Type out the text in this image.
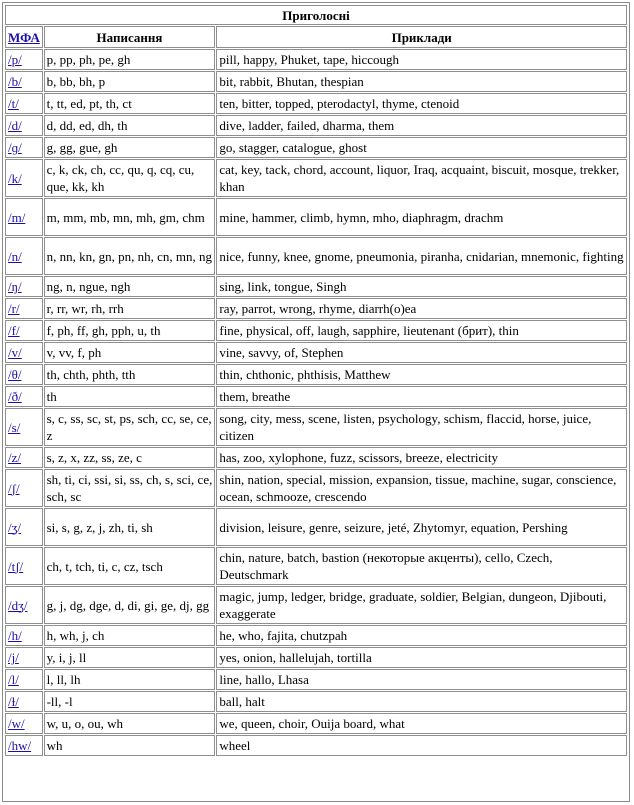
Приголосні		
МФА	Написання	Приклади
/p/	p, pp, ph, pe, gh	pill, happy, Phuket, tape, hiccough
/b/	b, bb, bh, p	bit, rabbit, Bhutan, thespian
/t/	t, tt, ed, pt, th, ct	ten, bitter, topped, pterodactyl, thyme, ctenoid
/d/	d, dd, ed, dh, th	dive, ladder, failed, dharma, them
/ɡ/	g, gg, gue, gh	go, stagger, catalogue, ghost
/k/	c, k, ck, ch, cc, qu, q, cq, cu, que, kk, kh	cat, key, tack, chord, account, liquor, Iraq, acquaint, biscuit, mosque, trekker, khan
/m/	m, mm, mb, mn, mh, gm, chm	mine, hammer, climb, hymn, mho, diaphragm, drachm
/n/	n, nn, kn, gn, pn, nh, cn, mn, ng	nice, funny, knee, gnome, pneumonia, piranha, cnidarian, mnemonic, fighting
/ŋ/	ng, n, ngue, ngh	sing, link, tongue, Singh
/r/	r, rr, wr, rh, rrh	ray, parrot, wrong, rhyme, diarrh(o)ea
/f/	f, ph, ff, gh, pph, u, th	fine, physical, off, laugh, sapphire, lieutenant (брит), thin
/v/	v, vv, f, ph	vine, savvy, of, Stephen
/θ/	th, chth, phth, tth	thin, chthonic, phthisis, Matthew
/ð/	th	them, breathe
/s/	s, c, ss, sc, st, ps, sch, cc, se, ce, z	song, city, mess, scene, listen, psychology, schism, flaccid, horse, juice, citizen
/z/	s, z, x, zz, ss, ze, c	has, zoo, xylophone, fuzz, scissors, breeze, electricity
/ʃ/	sh, ti, ci, ssi, si, ss, ch, s, sci, ce, sch, sc	shin, nation, special, mission, expansion, tissue, machine, sugar, conscience, ocean, schmooze, crescendo
/ʒ/	si, s, g, z, j, zh, ti, sh	division, leisure, genre, seizure, jeté, Zhytomyr, equation, Pershing
/tʃ/	ch, t, tch, ti, c, cz, tsch	chin, nature, batch, bastion (некоторые акценты), cello, Czech, Deutschmark
/dʒ/	g, j, dg, dge, d, di, gi, ge, dj, gg	magic, jump, ledger, bridge, graduate, soldier, Belgian, dungeon, Djibouti, exaggerate
/h/	h, wh, j, ch	he, who, fajita, chutzpah
/j/	y, i, j, ll	yes, onion, hallelujah, tortilla
/l/	l, ll, lh	line, hallo, Lhasa
/ɫ/	-ll, -l	ball, halt
/w/	w, u, o, ou, wh	we, queen, choir, Ouija board, what
/hw/	wh	wheel
